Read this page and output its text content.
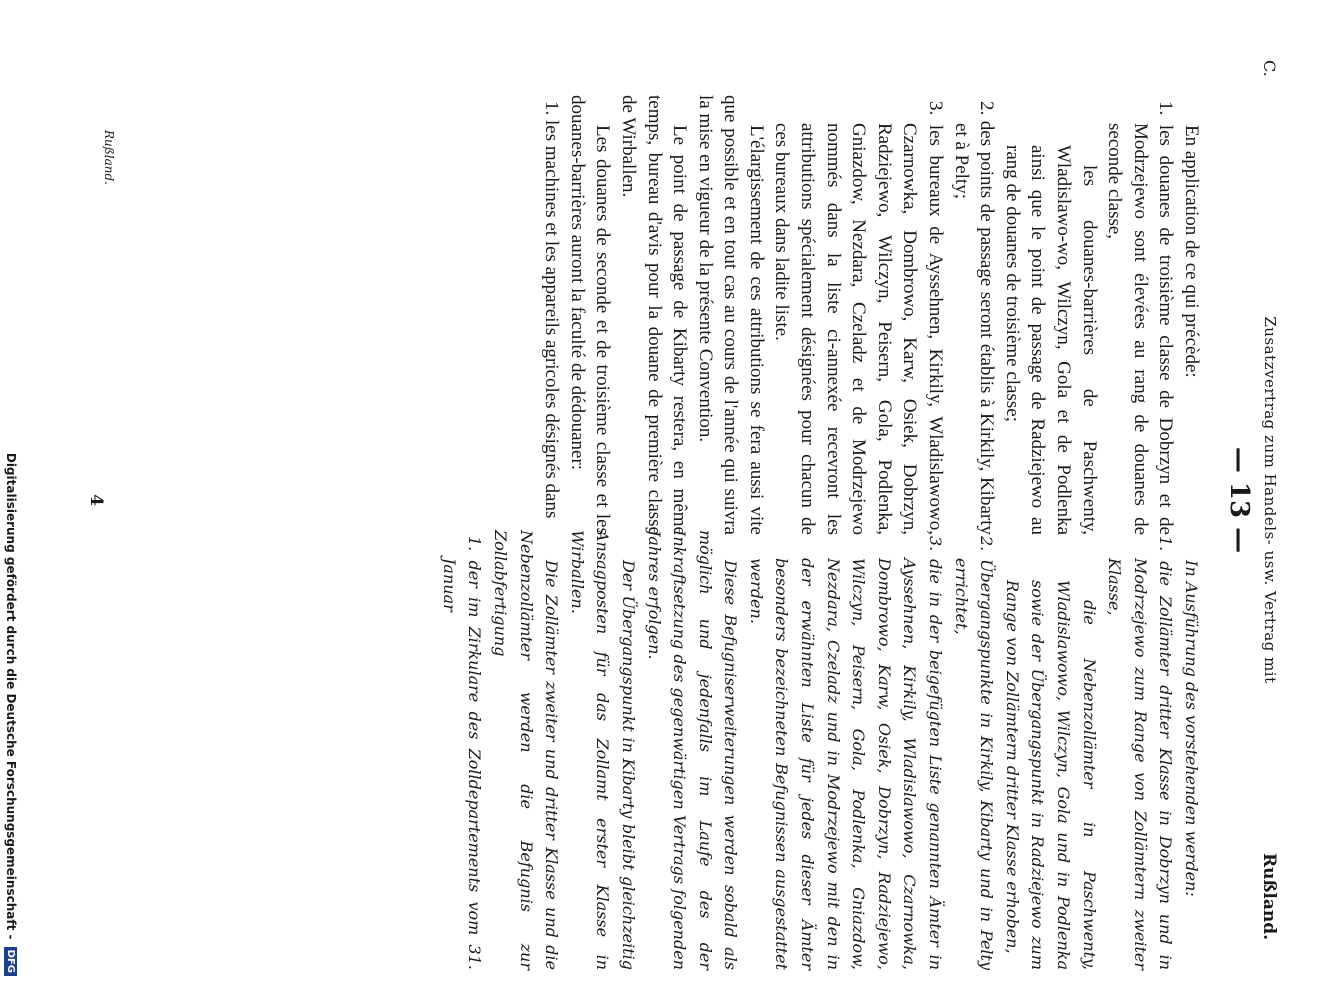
C.
Zusatzvertrag zum Handels- usw. Vertrag mit
Rußland.
— 13 —

En application de ce qui précède:

1. les douanes de troisième classe de Dobrzyn et de Modrzejewo sont élevées au rang de douanes de seconde classe,

les douanes-barrières de Paschwenty, Wladislawo-wo, Wilczyn, Gola et de Podlenka ainsi que le point de passage de Radziejewo au rang de douanes de troisième classe;

2. des points de passage seront établis à Kirkily, Kibarty et à Pelty;

3. les bureaux de Ayssehnen, Kirkily, Wladislawowo, Czarnowka, Dombrowo, Karw, Osiek, Dobrzyn, Radziejewo, Wilczyn, Peisern, Gola, Podlenka, Gniazdow, Nezdara, Czeladz et de Modrzejewo nommés dans la liste ci-annexée recevront les attributions spécialement désignées pour chacun de ces bureaux dans ladite liste.

L'élargissement de ces attributions se fera aussi vite que possible et en tout cas au cours de l'année qui suivra la mise en vigueur de la présente Convention.

Le point de passage de Kibarty restera, en même temps, bureau d'avis pour la douane de première classe de Wirballen.

Les douanes de seconde et de troisième classe et les douanes-barrières auront la faculté de dédouaner:

1. les machines et les appareils agricoles désignés dans

In Ausführung des vorstehenden werden:

1. die Zollämter dritter Klasse in Dobrzyn und in Modrzejewo zum Range von Zollämtern zweiter Klasse,

die Nebenzollämter in Paschwenty, Wladislawowo, Wilczyn, Gola und in Podlenka sowie der Übergangspunkt in Radziejewo zum Range von Zollämtern dritter Klasse erhoben,

2. Übergangspunkte in Kirkily, Kibarty und in Pelty errichtet,

3. die in der beigefügten Liste genannten Ämter in Ayssehnen, Kirkily, Wladislawowo, Czarnowka, Dombrowo, Karw, Osiek, Dobrzyn, Radziejewo, Wilczyn, Peisern, Gola, Podlenka, Gniazdow, Nezdara, Czeladz und in Modrzejewo mit den in der erwähnten Liste für jedes dieser Ämter besonders bezeichneten Befugnissen ausgestattet werden.

Diese Befugniserweiterungen werden sobald als möglich und jedenfalls im Laufe des der Inkraftsetzung des gegenwärtigen Vertrags folgenden Jahres erfolgen.

Der Übergangspunkt in Kibarty bleibt gleichzeitig Ansagposten für das Zollamt erster Klasse in Wirballen.

Die Zollämter zweiter und dritter Klasse und die Nebenzollämter werden die Befugnis zur Zollabfertigung

1. der im Zirkulare des Zolldepartements vom 31. Januar

Rußland.
4
Digitalisierung gefördert durch die Deutsche Forschungsgemeinschaft - DFG
